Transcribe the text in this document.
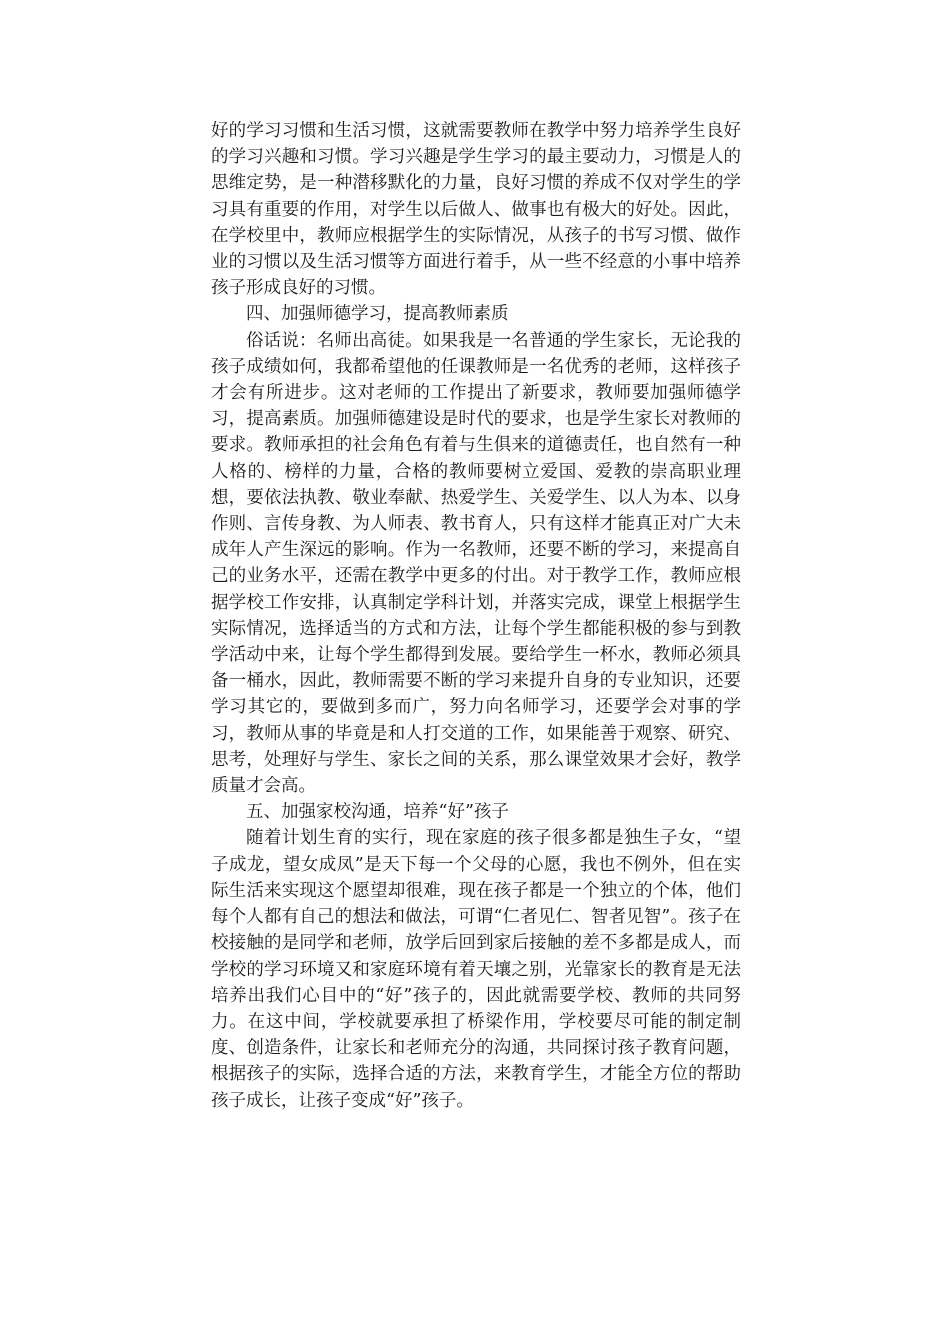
好的学习习惯和生活习惯，这就需要教师在教学中努力培养学生良好的学习兴趣和习惯。学习兴趣是学生学习的最主要动力，习惯是人的思维定势，是一种潜移默化的力量，良好习惯的养成不仅对学生的学习具有重要的作用，对学生以后做人、做事也有极大的好处。因此，在学校里中，教师应根据学生的实际情况，从孩子的书写习惯、做作业的习惯以及生活习惯等方面进行着手，从一些不经意的小事中培养孩子形成良好的习惯。

四、加强师德学习，提高教师素质

俗话说：名师出高徒。如果我是一名普通的学生家长，无论我的孩子成绩如何，我都希望他的任课教师是一名优秀的老师，这样孩子才会有所进步。这对老师的工作提出了新要求，教师要加强师德学习，提高素质。加强师德建设是时代的要求，也是学生家长对教师的要求。教师承担的社会角色有着与生俱来的道德责任，也自然有一种人格的、榜样的力量，合格的教师要树立爱国、爱教的崇高职业理想，要依法执教、敬业奉献、热爱学生、关爱学生、以人为本、以身作则、言传身教、为人师表、教书育人，只有这样才能真正对广大未成年人产生深远的影响。作为一名教师，还要不断的学习，来提高自己的业务水平，还需在教学中更多的付出。对于教学工作，教师应根据学校工作安排，认真制定学科计划，并落实完成，课堂上根据学生实际情况，选择适当的方式和方法，让每个学生都能积极的参与到教学活动中来，让每个学生都得到发展。要给学生一杯水，教师必须具备一桶水，因此，教师需要不断的学习来提升自身的专业知识，还要学习其它的，要做到多而广，努力向名师学习，还要学会对事的学习，教师从事的毕竟是和人打交道的工作，如果能善于观察、研究、思考，处理好与学生、家长之间的关系，那么课堂效果才会好，教学质量才会高。

五、加强家校沟通，培养“好”孩子

随着计划生育的实行，现在家庭的孩子很多都是独生子女，“望子成龙，望女成凤”是天下每一个父母的心愿，我也不例外，但在实际生活来实现这个愿望却很难，现在孩子都是一个独立的个体，他们每个人都有自己的想法和做法，可谓“仁者见仁、智者见智”。孩子在校接触的是同学和老师，放学后回到家后接触的差不多都是成人，而学校的学习环境又和家庭环境有着天壤之别，光靠家长的教育是无法培养出我们心目中的“好”孩子的，因此就需要学校、教师的共同努力。在这中间，学校就要承担了桥梁作用，学校要尽可能的制定制度、创造条件，让家长和老师充分的沟通，共同探讨孩子教育问题，根据孩子的实际，选择合适的方法，来教育学生，才能全方位的帮助孩子成长，让孩子变成“好”孩子。
